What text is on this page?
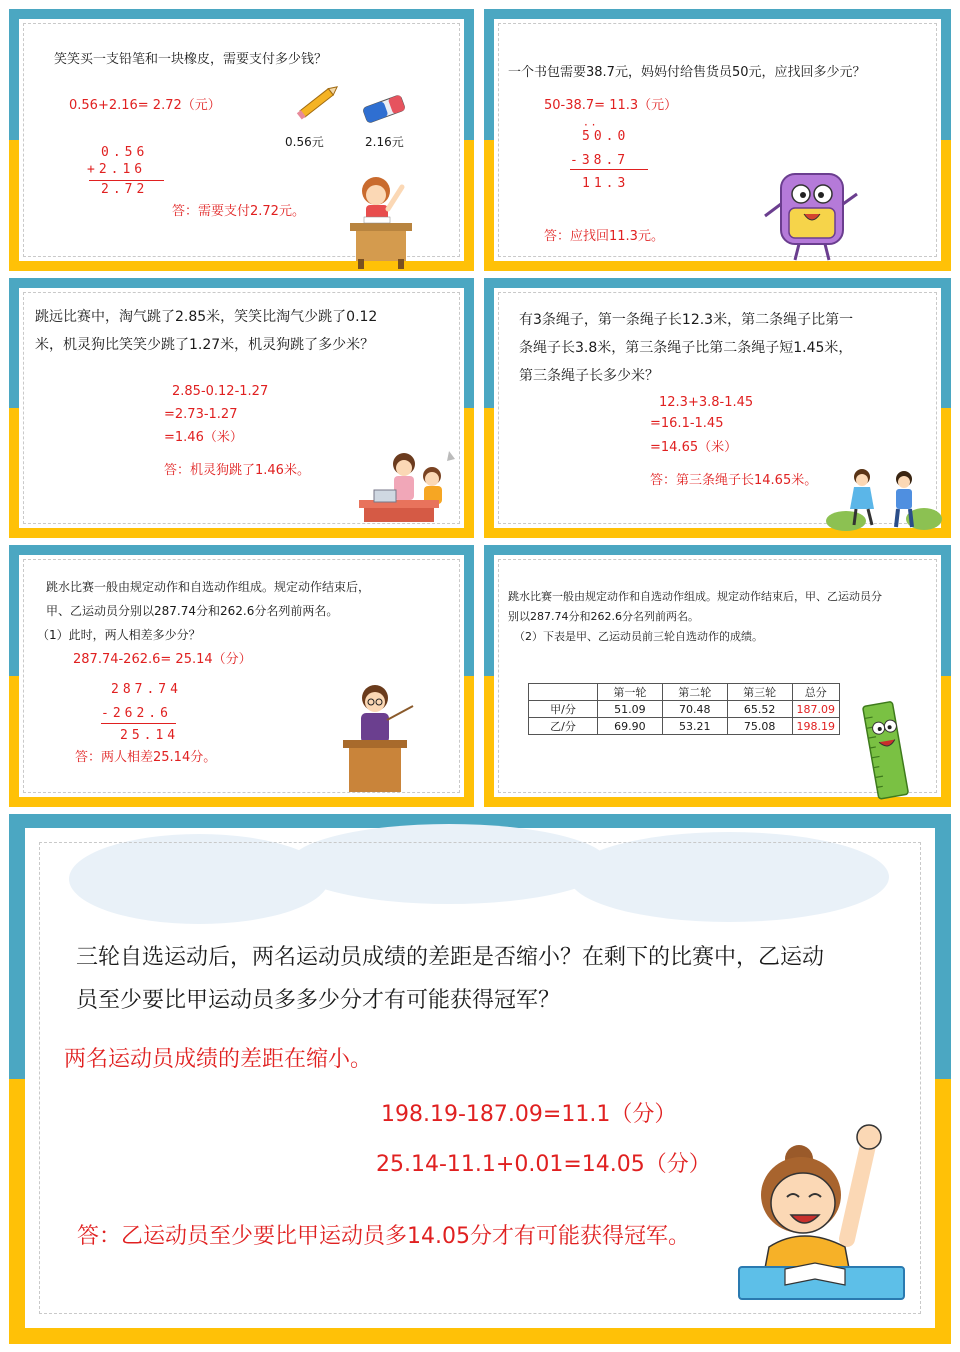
笑笑买一支铅笔和一块橡皮，需要支付多少钱？
0.56+2.16= 2.72（元）
0.56
+2.16
2.72
答：需要支付2.72元。
0.56元	2.16元
一个书包需要38.7元，妈妈付给售货员50元，应找回多少元？
50-38.7= 11.3（元）
· ·
50.0
-38.7
11.3
答：应找回11.3元。
跳远比赛中，淘气跳了2.85米，笑笑比淘气少跳了0.12
米，机灵狗比笑笑少跳了1.27米，机灵狗跳了多少米？
2.85-0.12-1.27
=2.73-1.27
=1.46（米）
答：机灵狗跳了1.46米。
有3条绳子，第一条绳子长12.3米，第二条绳子比第一
条绳子长3.8米，第三条绳子比第二条绳子短1.45米，
第三条绳子长多少米？
12.3+3.8-1.45
=16.1-1.45
=14.65（米）
答：第三条绳子长14.65米。
跳水比赛一般由规定动作和自选动作组成。规定动作结束后，
甲、乙运动员分别以287.74分和262.6分名列前两名。
（1）此时，两人相差多少分？
287.74-262.6= 25.14（分）
287.74
-262.6
25.14
答：两人相差25.14分。
跳水比赛一般由规定动作和自选动作组成。规定动作结束后，甲、乙运动员分
别以287.74分和262.6分名列前两名。
（2）下表是甲、乙运动员前三轮自选动作的成绩。
	第一轮	第二轮	第三轮	总分
甲/分	51.09	70.48	65.52	187.09
乙/分	69.90	53.21	75.08	198.19
三轮自选运动后，两名运动员成绩的差距是否缩小？在剩下的比赛中，乙运动
员至少要比甲运动员多多少分才有可能获得冠军？
两名运动员成绩的差距在缩小。
198.19-187.09=11.1（分）
25.14-11.1+0.01=14.05（分）
答：乙运动员至少要比甲运动员多14.05分才有可能获得冠军。
